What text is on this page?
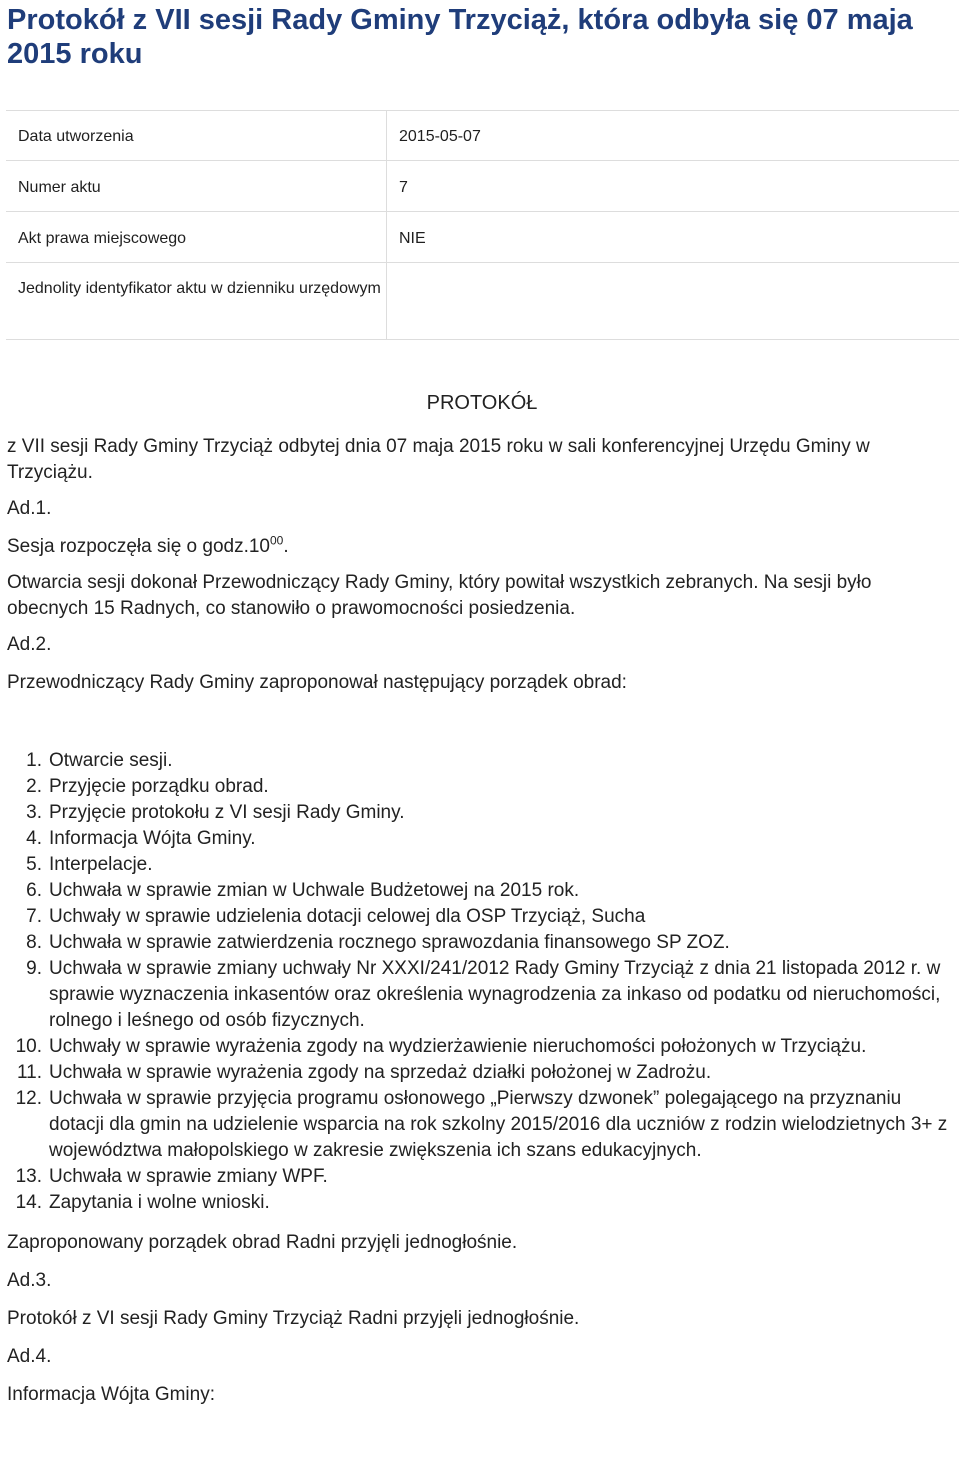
Protokół z VII sesji Rady Gminy Trzyciąż, która odbyła się 07 maja 2015 roku
Data utworzenia	2015-05-07
Numer aktu	7
Akt prawa miejscowego	NIE
Jednolity identyfikator aktu w dzienniku urzędowym
PROTOKÓŁ

z VII sesji Rady Gminy Trzyciąż odbytej dnia 07 maja 2015 roku w sali konferencyjnej Urzędu Gminy w Trzyciążu.

Ad.1.

Sesja rozpoczęła się o $godz.10^{00}$.

Otwarcia sesji dokonał Przewodniczący Rady Gminy, który powitał wszystkich zebranych. Na sesji było obecnych 15 Radnych, co stanowiło o prawomocności posiedzenia.

Ad.2.

Przewodniczący Rady Gminy zaproponował następujący porządek obrad:

1. Otwarcie sesji.
2. Przyjęcie porządku obrad.
3. Przyjęcie protokołu z VI sesji Rady Gminy.
4. Informacja Wójta Gminy.
5. Interpelacje.
6. Uchwała w sprawie zmian w Uchwale Budżetowej na 2015 rok.
7. Uchwały w sprawie udzielenia dotacji celowej dla OSP Trzyciąż, Sucha
8. Uchwała w sprawie zatwierdzenia rocznego sprawozdania finansowego SP ZOZ.
9. Uchwała w sprawie zmiany uchwały Nr XXXI/241/2012 Rady Gminy Trzyciąż z dnia 21 listopada 2012 r. w sprawie wyznaczenia inkasentów oraz określenia wynagrodzenia za inkaso od podatku od nieruchomości, rolnego i leśnego od osób fizycznych.
10. Uchwały w sprawie wyrażenia zgody na wydzierżawienie nieruchomości położonych w Trzyciążu.
11. Uchwała w sprawie wyrażenia zgody na sprzedaż działki położonej w Zadrożu.
12. Uchwała w sprawie przyjęcia programu osłonowego „Pierwszy dzwonek” polegającego na przyznaniu dotacji dla gmin na udzielenie wsparcia na rok szkolny 2015/2016 dla uczniów z rodzin wielodzietnych 3+ z województwa małopolskiego w zakresie zwiększenia ich szans edukacyjnych.
13. Uchwała w sprawie zmiany WPF.
14. Zapytania i wolne wnioski.

Zaproponowany porządek obrad Radni przyjęli jednogłośnie.

Ad.3.

Protokół z VI sesji Rady Gminy Trzyciąż Radni przyjęli jednogłośnie.

Ad.4.

Informacja Wójta Gminy:
